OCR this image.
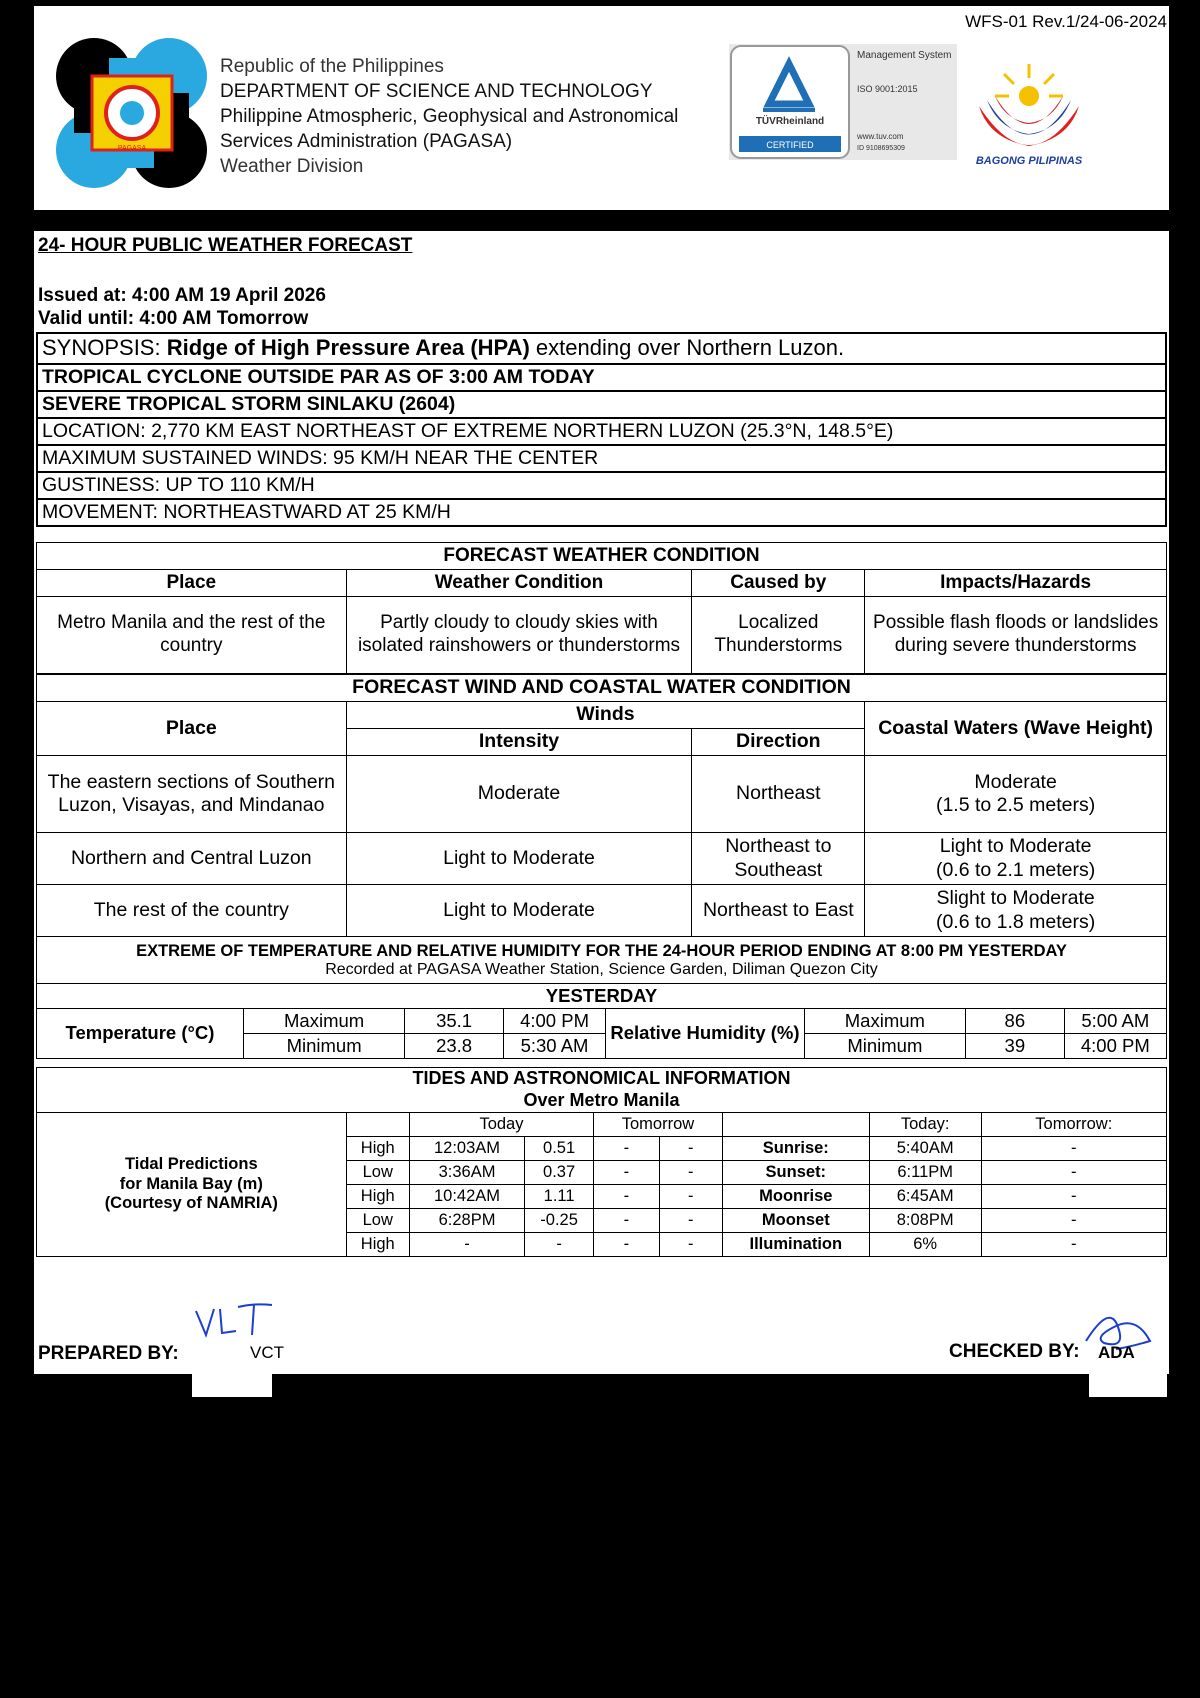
WFS-01 Rev.1/24-06-2024
PAGASA
Republic of the Philippines
DEPARTMENT OF SCIENCE AND TECHNOLOGY
Philippine Atmospheric, Geophysical and Astronomical
Services Administration (PAGASA)
Weather Division
TÜVRheinland
CERTIFIED
Management System
ISO 9001:2015
www.tuv.com
ID 9108695309
BAGONG PILIPINAS
24- HOUR PUBLIC WEATHER FORECAST
Issued at: 4:00 AM 19 April 2026
Valid until: 4:00 AM Tomorrow
SYNOPSIS: Ridge of High Pressure Area (HPA) extending over Northern Luzon.
TROPICAL CYCLONE OUTSIDE PAR AS OF 3:00 AM TODAY
SEVERE TROPICAL STORM SINLAKU (2604)
LOCATION: 2,770 KM EAST NORTHEAST OF EXTREME NORTHERN LUZON (25.3°N, 148.5°E)
MAXIMUM SUSTAINED WINDS: 95 KM/H NEAR THE CENTER
GUSTINESS: UP TO 110 KM/H
MOVEMENT: NORTHEASTWARD AT 25 KM/H
FORECAST WEATHER CONDITION			
Place	Weather Condition	Caused by	Impacts/Hazards
Metro Manila and the rest of the country	Partly cloudy to cloudy skies with isolated rainshowers or thunderstorms	Localized Thunderstorms	Possible flash floods or landslides during severe thunderstorms
FORECAST WIND AND COASTAL WATER CONDITION			
Place	Winds		Coastal Waters (Wave Height)
	Intensity	Direction	
The eastern sections of Southern Luzon, Visayas, and Mindanao	Moderate	Northeast	Moderate
(1.5 to 2.5 meters)

Northern and Central Luzon	Light to Moderate	Northeast to Southeast	Light to Moderate
(0.6 to 2.1 meters)

The rest of the country	Light to Moderate	Northeast to East	Slight to Moderate
(0.6 to 1.8 meters)
EXTREME OF TEMPERATURE AND RELATIVE HUMIDITY FOR THE 24-HOUR PERIOD ENDING AT 8:00 PM YESTERDAY
Recorded at PAGASA Weather Station, Science Garden, Diliman Quezon City							

YESTERDAY							
Temperature (°C)	Maximum	35.1	4:00 PM	Relative Humidity (%)	Maximum	86	5:00 AM
	Minimum	23.8	5:30 AM		Minimum	39	4:00 PM
TIDES AND ASTRONOMICAL INFORMATION
Over Metro Manila								

Tidal Predictions
for Manila Bay (m)
(Courtesy of NAMRIA)		Today		Tomorrow			Today:	Tomorrow:
	High	12:03AM	0.51	-	-	Sunrise:	5:40AM	-
	Low	3:36AM	0.37	-	-	Sunset:	6:11PM	-
	High	10:42AM	1.11	-	-	Moonrise	6:45AM	-
	Low	6:28PM	-0.25	-	-	Moonset	8:08PM	-
	High	-	-	-	-	Illumination	6%	-
PREPARED BY:	VCT	CHECKED BY: ADA
